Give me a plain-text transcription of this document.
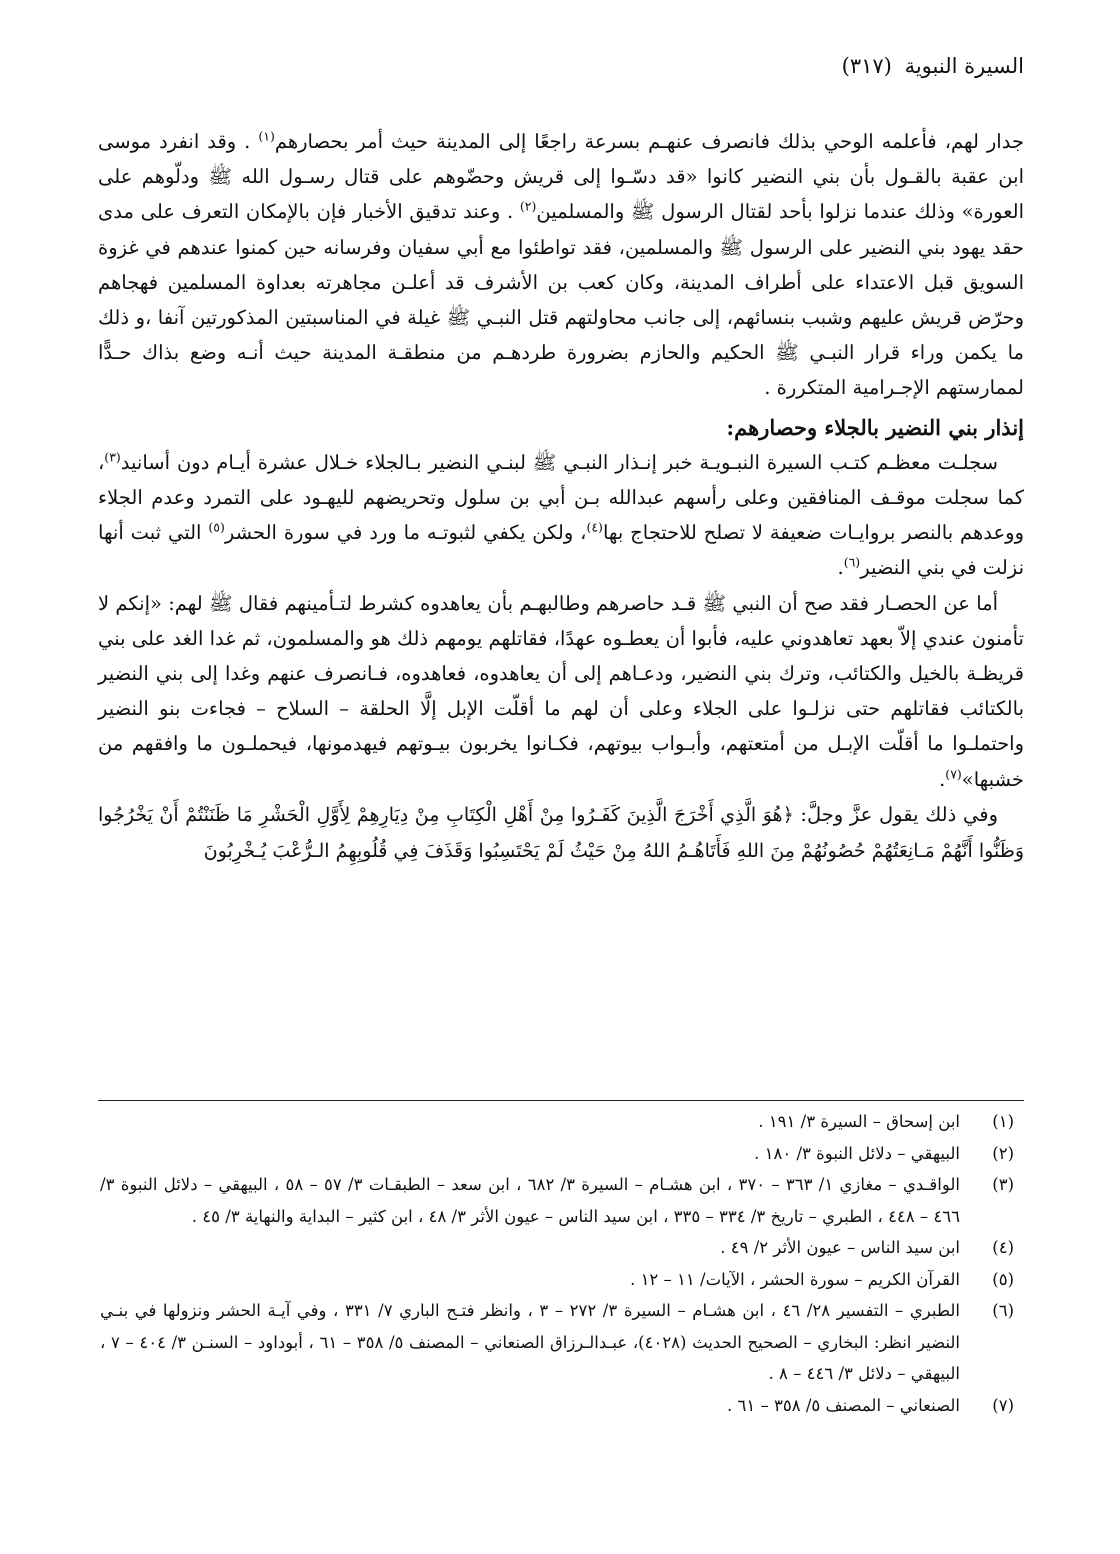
السيرة النبوية (٣١٧)

جدار لهم، فأعلمه الوحي بذلك فانصرف عنهـم بسرعة راجعًا إلى المدينة حيث أمر بحصارهم$^{(١)}$ . وقد انفرد موسى ابن عقبة بالقـول بأن بني النضير كانوا «قد دسّـوا إلى قريش وحضّوهم على قتال رسـول الله ﷺ ودلّوهم على العورة» وذلك عندما نزلوا بأحد لقتال الرسول ﷺ والمسلمين$^{(٢)}$ . وعند تدقيق الأخبار فإن بالإمكان التعرف على مدى حقد يهود بني النضير على الرسول ﷺ والمسلمين، فقد تواطئوا مع أبي سفيان وفرسانه حين كمنوا عندهم في غزوة السويق قبل الاعتداء على أطراف المدينة، وكان كعب بن الأشرف قد أعلـن مجاهرته بعداوة المسلمين فهجاهم وحرّض قريش عليهم وشبب بنسائهم، إلى جانب محاولتهم قتل النبـي ﷺ غيلة في المناسبتين المذكورتين آنفا ،و ذلك ما يكمن وراء قرار النبـي ﷺ الحكيم والحازم بضرورة طردهـم من منطقـة المدينة حيث أنـه وضع بذاك حـدًّا لممارستهم الإجـرامية المتكررة .

إنذار بني النضير بالجلاء وحصارهم:

سجلـت معظـم كتـب السيرة النبـويـة خبر إنـذار النبـي ﷺ لبنـي النضير بـالجلاء خـلال عشرة أيـام دون أسانيد$^{(٣)}$، كما سجلت موقـف المنافقين وعلى رأسهم عبدالله بـن أبي بن سلول وتحريضهم لليهـود على التمرد وعدم الجلاء ووعدهم بالنصر بروايـات ضعيفة لا تصلح للاحتجاج بها$^{(٤)}$، ولكن يكفي لثبوتـه ما ورد في سورة الحشر$^{(٥)}$ التي ثبت أنها نزلت في بني النضير$^{(٦)}$.

أما عن الحصـار فقد صح أن النبي ﷺ قـد حاصرهم وطالبهـم بأن يعاهدوه كشرط لتـأمينهم فقال ﷺ لهم: «إنكم لا تأمنون عندي إلاّ بعهد تعاهدوني عليه، فأبوا أن يعطـوه عهدًا، فقاتلهم يومهم ذلك هو والمسلمون، ثم غدا الغد على بني قريظـة بالخيل والكتائب، وترك بني النضير، ودعـاهم إلى أن يعاهدوه، فعاهدوه، فـانصرف عنهم وغدا إلى بني النضير بالكتائب فقاتلهم حتى نزلـوا على الجلاء وعلى أن لهم ما أقلّت الإبل إلَّا الحلقة – السلاح – فجاءت بنو النضير واحتملـوا ما أقلّت الإبـل من أمتعتهم، وأبـواب بيوتهم، فكـانوا يخربون بيـوتهم فيهدمونها، فيحملـون ما وافقهم من خشبها»$^{(٧)}$.

وفي ذلك يقول عزَّ وجلَّ: ﴿هُوَ الَّذِي أَخْرَجَ الَّذِينَ كَفَـرُوا مِنْ أَهْلِ الْكِتَابِ مِنْ دِيَارِهِمْ لِأَوَّلِ الْحَشْرِ مَا ظَنَنْتُمْ أَنْ يَخْرُجُوا وَظَنُّوا أَنَّهُمْ مَـانِعَتُهُمْ حُصُونُهُمْ مِنَ اللهِ فَأَتَاهُـمُ اللهُ مِنْ حَيْثُ لَمْ يَحْتَسِبُوا وَقَذَفَ فِي قُلُوبِهِمُ الـرُّعْبَ يُـخْرِبُونَ

(١)
ابن إسحاق – السيرة ٣/ ١٩١ .
(٢)
البيهقي – دلائل النبوة ٣/ ١٨٠ .
(٣)
الواقـدي – مغازي ١/ ٣٦٣ – ٣٧٠ ، ابن هشـام – السيرة ٣/ ٦٨٢ ، ابن سعد – الطبقـات ٣/ ٥٧ – ٥٨ ، البيهقي – دلائل النبوة ٣/ ٤٦٦ – ٤٤٨ ، الطبري – تاريخ ٣/ ٣٣٤ – ٣٣٥ ، ابن سيد الناس – عيون الأثر ٣/ ٤٨ ، ابن كثير – البداية والنهاية ٣/ ٤٥ .
(٤)
ابن سيد الناس – عيون الأثر ٢/ ٤٩ .
(٥)
القرآن الكريم – سورة الحشر ، الآيات/ ١١ – ١٢ .
(٦)
الطبري – التفسير ٢٨/ ٤٦ ، ابن هشـام – السيرة ٣/ ٢٧٢ – ٣ ، وانظر فتـح الباري ٧/ ٣٣١ ، وفي آيـة الحشر ونزولها في بنـي النضير انظر: البخاري – الصحيح الحديث (٤٠٢٨)، عبـدالـرزاق الصنعاني – المصنف ٥/ ٣٥٨ – ٦١ ، أبوداود – السنـن ٣/ ٤٠٤ – ٧ ، البيهقي – دلائل ٣/ ٤٤٦ – ٨ .
(٧)
الصنعاني – المصنف ٥/ ٣٥٨ – ٦١ .
